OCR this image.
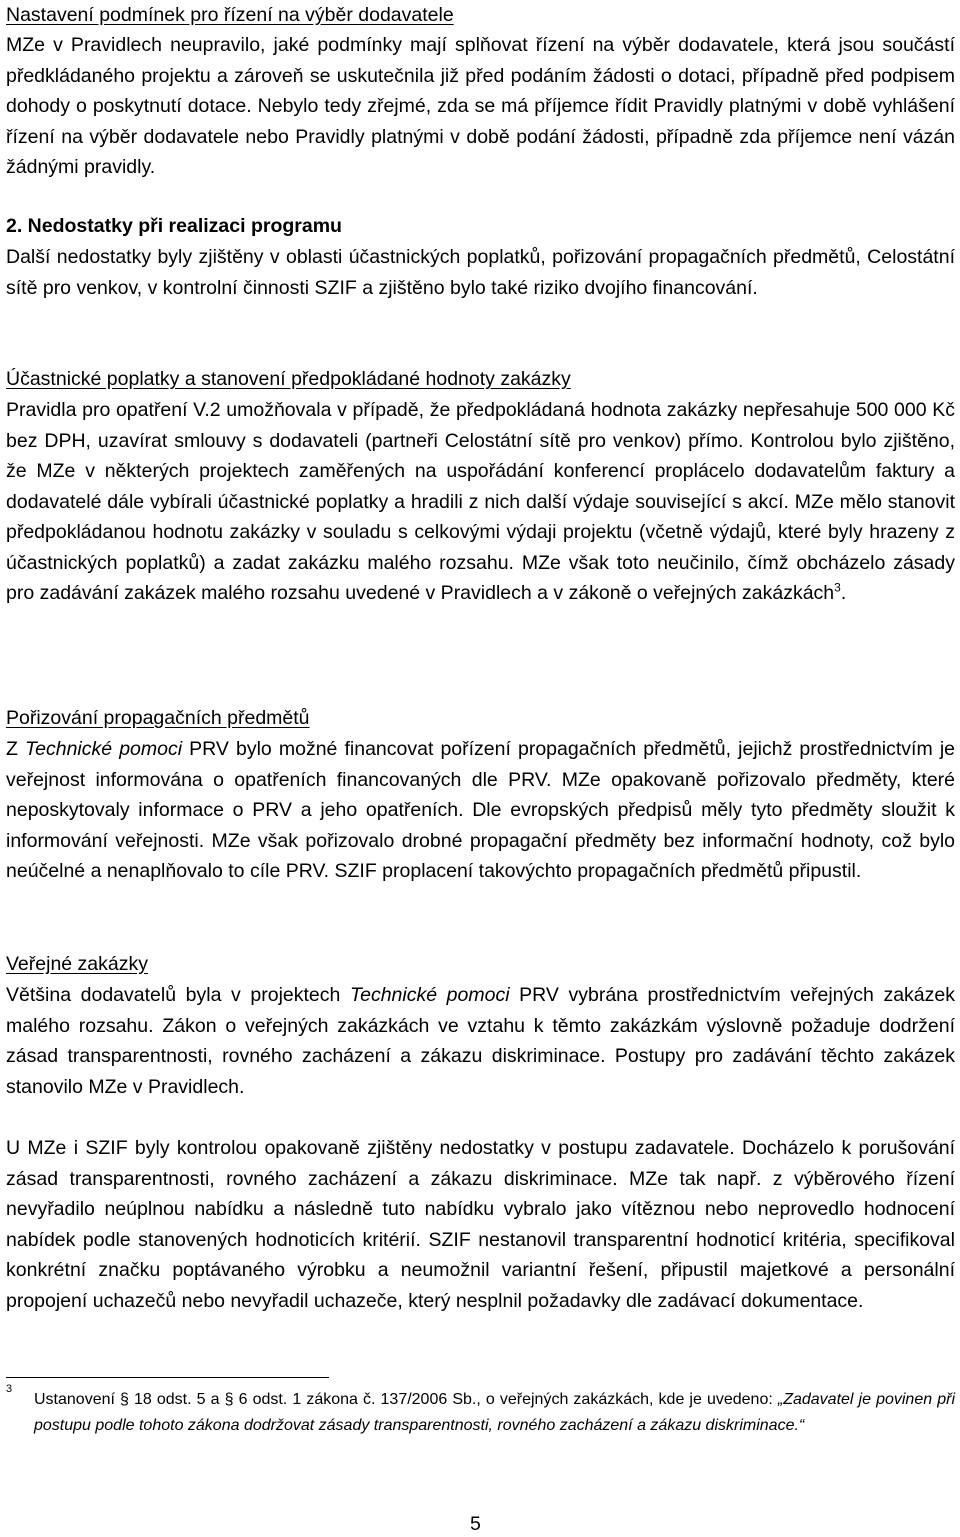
Nastavení podmínek pro řízení na výběr dodavatele
MZe v Pravidlech neupravilo, jaké podmínky mají splňovat řízení na výběr dodavatele, která jsou součástí předkládaného projektu a zároveň se uskutečnila již před podáním žádosti o dotaci, případně před podpisem dohody o poskytnutí dotace. Nebylo tedy zřejmé, zda se má příjemce řídit Pravidly platnými v době vyhlášení řízení na výběr dodavatele nebo Pravidly platnými v době podání žádosti, případně zda příjemce není vázán žádnými pravidly.
2. Nedostatky při realizaci programu
Další nedostatky byly zjištěny v oblasti účastnických poplatků, pořizování propagačních předmětů, Celostátní sítě pro venkov, v kontrolní činnosti SZIF a zjištěno bylo také riziko dvojího financování.
Účastnické poplatky a stanovení předpokládané hodnoty zakázky
Pravidla pro opatření V.2 umožňovala v případě, že předpokládaná hodnota zakázky nepřesahuje 500 000 Kč bez DPH, uzavírat smlouvy s dodavateli (partneři Celostátní sítě pro venkov) přímo. Kontrolou bylo zjištěno, že MZe v některých projektech zaměřených na uspořádání konferencí proplácelo dodavatelům faktury a dodavatelé dále vybírali účastnické poplatky a hradili z nich další výdaje související s akcí. MZe mělo stanovit předpokládanou hodnotu zakázky v souladu s celkovými výdaji projektu (včetně výdajů, které byly hrazeny z účastnických poplatků) a zadat zakázku malého rozsahu. MZe však toto neučinilo, čímž obcházelo zásady pro zadávání zakázek malého rozsahu uvedené v Pravidlech a v zákoně o veřejných zakázkách$^3$.
Pořizování propagačních předmětů
Z Technické pomoci PRV bylo možné financovat pořízení propagačních předmětů, jejichž prostřednictvím je veřejnost informována o opatřeních financovaných dle PRV. MZe opakovaně pořizovalo předměty, které neposkytovaly informace o PRV a jeho opatřeních. Dle evropských předpisů měly tyto předměty sloužit k informování veřejnosti. MZe však pořizovalo drobné propagační předměty bez informační hodnoty, což bylo neúčelné a nenaplňovalo to cíle PRV. SZIF proplacení takovýchto propagačních předmětů připustil.
Veřejné zakázky
Většina dodavatelů byla v projektech Technické pomoci PRV vybrána prostřednictvím veřejných zakázek malého rozsahu. Zákon o veřejných zakázkách ve vztahu k těmto zakázkám výslovně požaduje dodržení zásad transparentnosti, rovného zacházení a zákazu diskriminace. Postupy pro zadávání těchto zakázek stanovilo MZe v Pravidlech.
U MZe i SZIF byly kontrolou opakovaně zjištěny nedostatky v postupu zadavatele. Docházelo k porušování zásad transparentnosti, rovného zacházení a zákazu diskriminace. MZe tak např. z výběrového řízení nevyřadilo neúplnou nabídku a následně tuto nabídku vybralo jako vítěznou nebo neprovedlo hodnocení nabídek podle stanovených hodnoticích kritérií. SZIF nestanovil transparentní hodnoticí kritéria, specifikoval konkrétní značku poptávaného výrobku a neumožnil variantní řešení, připustil majetkové a personální propojení uchazečů nebo nevyřadil uchazeče, který nesplnil požadavky dle zadávací dokumentace.
3
Ustanovení § 18 odst. 5 a § 6 odst. 1 zákona č. 137/2006 Sb., o veřejných zakázkách, kde je uvedeno: „Zadavatel je povinen při postupu podle tohoto zákona dodržovat zásady transparentnosti, rovného zacházení a zákazu diskriminace.“
5
